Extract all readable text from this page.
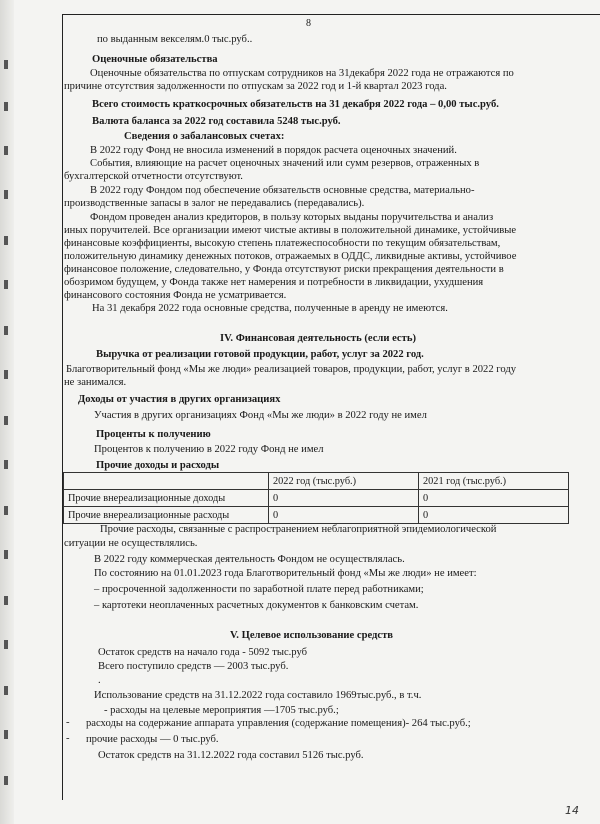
8
по выданным векселям.0 тыс.руб..
Оценочные обязательства
Оценочные обязательства по отпускам сотрудников на 31декабря 2022 года не отражаются по
причине отсутствия задолженности по отпускам за 2022 год и 1-й квартал 2023 года.
Всего стоимость краткосрочных обязательств на 31 декабря 2022 года – 0,00 тыс.руб.
Валюта баланса за 2022 год составила 5248 тыс.руб.
Сведения о забалансовых счетах:
В 2022 году Фонд не вносила изменений в порядок расчета оценочных значений.
События, влияющие на расчет оценочных значений или сумм резервов, отраженных в
бухгалтерской отчетности отсутствуют.
В 2022 году Фондом под обеспечение обязательств основные средства, материально-
производственные запасы в залог не передавались (передавались).
Фондом проведен анализ кредиторов, в пользу которых выданы поручительства и анализ
иных поручителей. Все организации имеют чистые активы в положительной динамике, устойчивые
финансовые коэффициенты, высокую степень платежеспособности по текущим обязательствам,
положительную динамику денежных потоков, отражаемых в ОДДС, ликвидные активы, устойчивое
финансовое положение, следовательно, у Фонда отсутствуют риски прекращения деятельности в
обозримом будущем, у Фонда также нет намерения и потребности в ликвидации, ухудшения
финансового состояния Фонда не усматривается.
На 31 декабря 2022 года основные средства, полученные в аренду не имеются.
IV. Финансовая деятельность (если есть)
Выручка от реализации готовой продукции, работ, услуг за 2022 год.
Благотворительный фонд «Мы же люди» реализацией товаров, продукции, работ, услуг в 2022 году
не занимался.
Доходы от участия в других организациях
Участия в других организациях Фонд «Мы же люди» в 2022 году не имел
Проценты к получению
Процентов к получению в 2022 году Фонд не имел
Прочие доходы и расходы
	2022 год (тыс.руб.)	2021 год (тыс.руб.)
Прочие внереализационные доходы	0	0
Прочие внереализационные расходы	0	0
Прочие расходы, связанные с распространением неблагоприятной эпидемиологической
ситуации не осуществлялись.
В 2022 году коммерческая деятельность Фондом не осуществлялась.
По состоянию на 01.01.2023 года Благотворительный фонд «Мы же люди» не имеет:
– просроченной задолженности по заработной плате перед работниками;
– картотеки неоплаченных расчетных документов к банковским счетам.
V. Целевое использование средств
Остаток средств на начало года - 5092 тыс.руб
Всего поступило средств — 2003 тыс.руб.
.
Использование средств на 31.12.2022 года составило 1969тыс.руб., в т.ч.
- расходы на целевые мероприятия —1705 тыс.руб.;
- расходы на содержание аппарата управления (содержание помещения)- 264 тыс.руб.;
- прочие расходы — 0 тыс.руб.
Остаток средств на 31.12.2022 года составил 5126 тыс.руб.
14
